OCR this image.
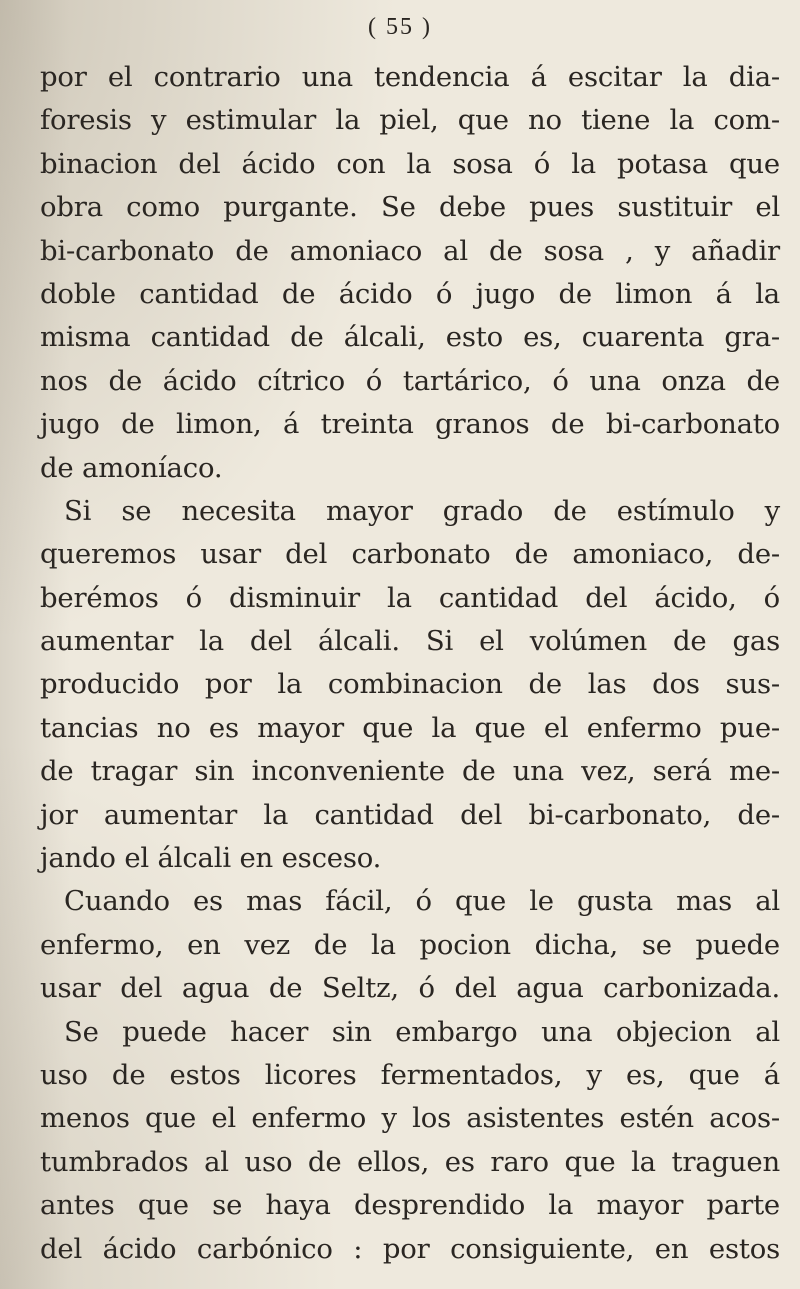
( 55 )
por el contrario una tendencia á escitar la dia-
foresis y estimular la piel, que no tiene la com-
binacion del ácido con la sosa ó la potasa que
obra como purgante. Se debe pues sustituir el
bi-carbonato de amoniaco al de sosa , y añadir
doble cantidad de ácido ó jugo de limon á la
misma cantidad de álcali, esto es, cuarenta gra-
nos de ácido cítrico ó tartárico, ó una onza de
jugo de limon, á treinta granos de bi-carbonato
de amoníaco.
Si se necesita mayor grado de estímulo y
queremos usar del carbonato de amoniaco, de-
berémos ó disminuir la cantidad del ácido, ó
aumentar la del álcali. Si el volúmen de gas
producido por la combinacion de las dos sus-
tancias no es mayor que la que el enfermo pue-
de tragar sin inconveniente de una vez, será me-
jor aumentar la cantidad del bi-carbonato, de-
jando el álcali en esceso.
Cuando es mas fácil, ó que le gusta mas al
enfermo, en vez de la pocion dicha, se puede
usar del agua de Seltz, ó del agua carbonizada.
Se puede hacer sin embargo una objecion al
uso de estos licores fermentados, y es, que á
menos que el enfermo y los asistentes estén acos-
tumbrados al uso de ellos, es raro que la traguen
antes que se haya desprendido la mayor parte
del ácido carbónico : por consiguiente, en estos
